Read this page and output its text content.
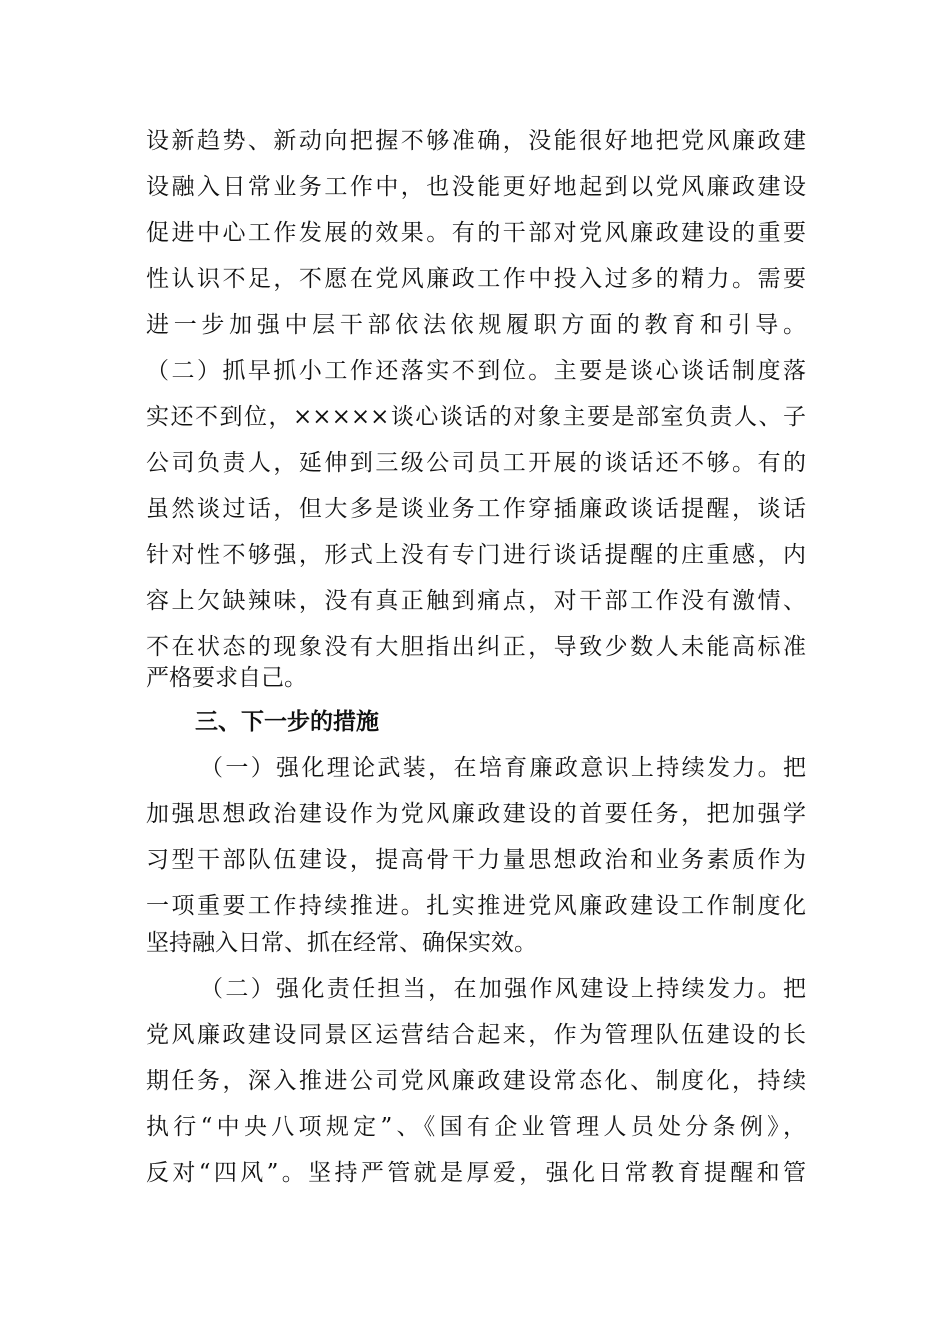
设新趋势、新动向把握不够准确，没能很好地把党风廉政建
设融入日常业务工作中，也没能更好地起到以党风廉政建设
促进中心工作发展的效果。有的干部对党风廉政建设的重要
性认识不足，不愿在党风廉政工作中投入过多的精力。需要
进一步加强中层干部依法依规履职方面的教育和引导。
（二）抓早抓小工作还落实不到位。主要是谈心谈话制度落
实还不到位，×××××谈心谈话的对象主要是部室负责人、子
公司负责人，延伸到三级公司员工开展的谈话还不够。有的
虽然谈过话，但大多是谈业务工作穿插廉政谈话提醒，谈话
针对性不够强，形式上没有专门进行谈话提醒的庄重感，内
容上欠缺辣味，没有真正触到痛点，对干部工作没有激情、
不在状态的现象没有大胆指出纠正，导致少数人未能高标准
严格要求自己。
三、下一步的措施
（一）强化理论武装，在培育廉政意识上持续发力。把
加强思想政治建设作为党风廉政建设的首要任务，把加强学
习型干部队伍建设，提高骨干力量思想政治和业务素质作为
一项重要工作持续推进。扎实推进党风廉政建设工作制度化
坚持融入日常、抓在经常、确保实效。
（二）强化责任担当，在加强作风建设上持续发力。把
党风廉政建设同景区运营结合起来，作为管理队伍建设的长
期任务，深入推进公司党风廉政建设常态化、制度化，持续
执行“中央八项规定”、《国有企业管理人员处分条例》，
反对“四风”。坚持严管就是厚爱，强化日常教育提醒和管
